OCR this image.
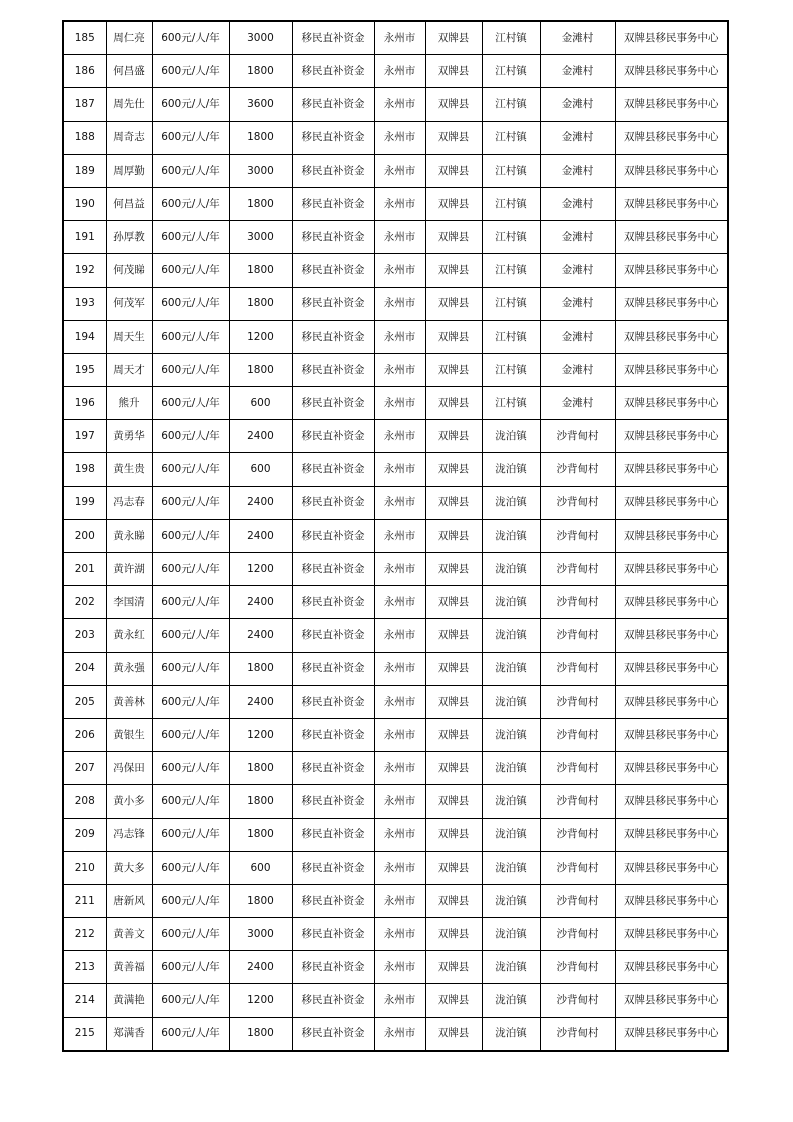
185	周仁亮	600元/人/年	3000	移民直补资金	永州市	双牌县	江村镇	金滩村	双牌县移民事务中心
186	何昌盛	600元/人/年	1800	移民直补资金	永州市	双牌县	江村镇	金滩村	双牌县移民事务中心
187	周先仕	600元/人/年	3600	移民直补资金	永州市	双牌县	江村镇	金滩村	双牌县移民事务中心
188	周奇志	600元/人/年	1800	移民直补资金	永州市	双牌县	江村镇	金滩村	双牌县移民事务中心
189	周厚勤	600元/人/年	3000	移民直补资金	永州市	双牌县	江村镇	金滩村	双牌县移民事务中心
190	何昌益	600元/人/年	1800	移民直补资金	永州市	双牌县	江村镇	金滩村	双牌县移民事务中心
191	孙厚教	600元/人/年	3000	移民直补资金	永州市	双牌县	江村镇	金滩村	双牌县移民事务中心
192	何茂睇	600元/人/年	1800	移民直补资金	永州市	双牌县	江村镇	金滩村	双牌县移民事务中心
193	何茂军	600元/人/年	1800	移民直补资金	永州市	双牌县	江村镇	金滩村	双牌县移民事务中心
194	周天生	600元/人/年	1200	移民直补资金	永州市	双牌县	江村镇	金滩村	双牌县移民事务中心
195	周天才	600元/人/年	1800	移民直补资金	永州市	双牌县	江村镇	金滩村	双牌县移民事务中心
196	熊升	600元/人/年	600	移民直补资金	永州市	双牌县	江村镇	金滩村	双牌县移民事务中心
197	黄勇华	600元/人/年	2400	移民直补资金	永州市	双牌县	泷泊镇	沙背甸村	双牌县移民事务中心
198	黄生贵	600元/人/年	600	移民直补资金	永州市	双牌县	泷泊镇	沙背甸村	双牌县移民事务中心
199	冯志春	600元/人/年	2400	移民直补资金	永州市	双牌县	泷泊镇	沙背甸村	双牌县移民事务中心
200	黄永睇	600元/人/年	2400	移民直补资金	永州市	双牌县	泷泊镇	沙背甸村	双牌县移民事务中心
201	黄许湖	600元/人/年	1200	移民直补资金	永州市	双牌县	泷泊镇	沙背甸村	双牌县移民事务中心
202	李国清	600元/人/年	2400	移民直补资金	永州市	双牌县	泷泊镇	沙背甸村	双牌县移民事务中心
203	黄永红	600元/人/年	2400	移民直补资金	永州市	双牌县	泷泊镇	沙背甸村	双牌县移民事务中心
204	黄永强	600元/人/年	1800	移民直补资金	永州市	双牌县	泷泊镇	沙背甸村	双牌县移民事务中心
205	黄善林	600元/人/年	2400	移民直补资金	永州市	双牌县	泷泊镇	沙背甸村	双牌县移民事务中心
206	黄银生	600元/人/年	1200	移民直补资金	永州市	双牌县	泷泊镇	沙背甸村	双牌县移民事务中心
207	冯保田	600元/人/年	1800	移民直补资金	永州市	双牌县	泷泊镇	沙背甸村	双牌县移民事务中心
208	黄小多	600元/人/年	1800	移民直补资金	永州市	双牌县	泷泊镇	沙背甸村	双牌县移民事务中心
209	冯志锋	600元/人/年	1800	移民直补资金	永州市	双牌县	泷泊镇	沙背甸村	双牌县移民事务中心
210	黄大多	600元/人/年	600	移民直补资金	永州市	双牌县	泷泊镇	沙背甸村	双牌县移民事务中心
211	唐新风	600元/人/年	1800	移民直补资金	永州市	双牌县	泷泊镇	沙背甸村	双牌县移民事务中心
212	黄善文	600元/人/年	3000	移民直补资金	永州市	双牌县	泷泊镇	沙背甸村	双牌县移民事务中心
213	黄善福	600元/人/年	2400	移民直补资金	永州市	双牌县	泷泊镇	沙背甸村	双牌县移民事务中心
214	黄满艳	600元/人/年	1200	移民直补资金	永州市	双牌县	泷泊镇	沙背甸村	双牌县移民事务中心
215	郑满香	600元/人/年	1800	移民直补资金	永州市	双牌县	泷泊镇	沙背甸村	双牌县移民事务中心
